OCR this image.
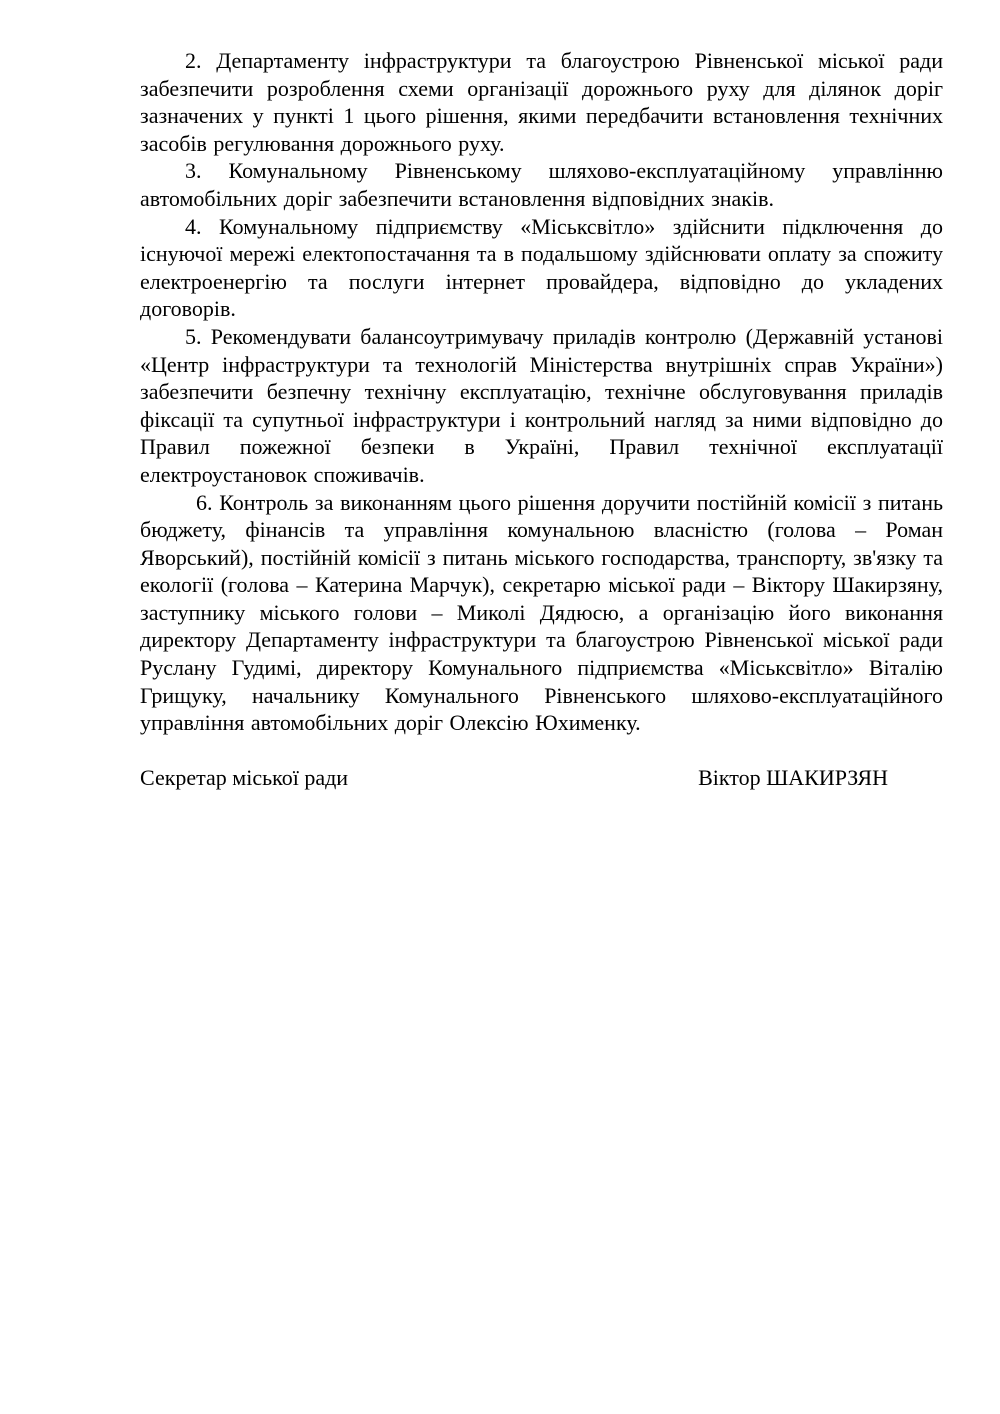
2. Департаменту інфраструктури та благоустрою Рівненської міської ради забезпечити розроблення схеми організації дорожнього руху для ділянок доріг зазначених у пункті 1 цього рішення, якими передбачити встановлення технічних засобів регулювання дорожнього руху.

3. Комунальному Рівненському шляхово-експлуатаційному управлінню автомобільних доріг забезпечити встановлення відповідних знаків.

4. Комунальному підприємству «Міськсвітло» здійснити підключення до існуючої мережі електопостачання та в подальшому здійснювати оплату за спожиту електроенергію та послуги інтернет провайдера, відповідно до укладених договорів.

5. Рекомендувати балансоутримувачу приладів контролю (Державній установі «Центр інфраструктури та технологій Міністерства внутрішніх справ України») забезпечити безпечну технічну експлуатацію, технічне обслуговування приладів фіксації та супутньої інфраструктури і контрольний нагляд за ними відповідно до Правил пожежної безпеки в Україні, Правил технічної експлуатації електроустановок споживачів.

6. Контроль за виконанням цього рішення доручити постійній комісії з питань бюджету, фінансів та управління комунальною власністю (голова – Роман Яворський), постійній комісії з питань міського господарства, транспорту, зв'язку та екології (голова – Катерина Марчук), секретарю міської ради – Віктору Шакирзяну, заступнику міського голови – Миколі Дядюсю, а організацію його виконання директору Департаменту інфраструктури та благоустрою Рівненської міської ради Руслану Гудимі, директору Комунального підприємства «Міськсвітло» Віталію Грищуку, начальнику Комунального Рівненського шляхово-експлуатаційного управління автомобільних доріг Олексію Юхименку.

Секретар міської ради	Віктор ШАКИРЗЯН
